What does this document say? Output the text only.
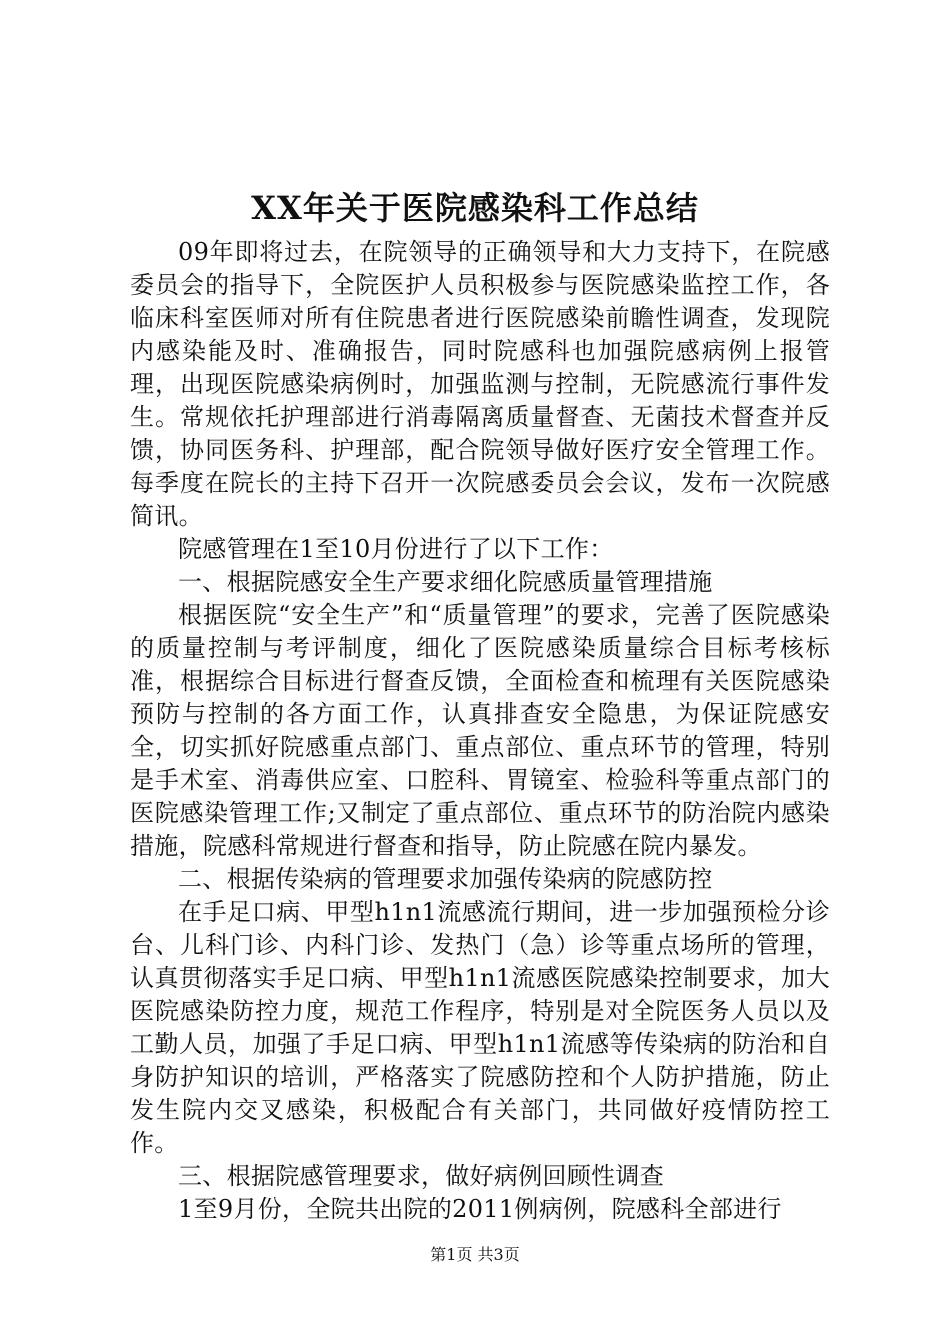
XX年关于医院感染科工作总结

09年即将过去，在院领导的正确领导和大力支持下，在院感委员会的指导下，全院医护人员积极参与医院感染监控工作，各临床科室医师对所有住院患者进行医院感染前瞻性调查，发现院内感染能及时、准确报告，同时院感科也加强院感病例上报管理，出现医院感染病例时，加强监测与控制，无院感流行事件发生。常规依托护理部进行消毒隔离质量督查、无菌技术督查并反馈，协同医务科、护理部，配合院领导做好医疗安全管理工作。每季度在院长的主持下召开一次院感委员会会议，发布一次院感简讯。

院感管理在1至10月份进行了以下工作：

一、根据院感安全生产要求细化院感质量管理措施

根据医院“安全生产”和“质量管理”的要求，完善了医院感染的质量控制与考评制度，细化了医院感染质量综合目标考核标准，根据综合目标进行督查反馈，全面检查和梳理有关医院感染预防与控制的各方面工作，认真排查安全隐患，为保证院感安全，切实抓好院感重点部门、重点部位、重点环节的管理，特别是手术室、消毒供应室、口腔科、胃镜室、检验科等重点部门的医院感染管理工作;又制定了重点部位、重点环节的防治院内感染措施，院感科常规进行督查和指导，防止院感在院内暴发。

二、根据传染病的管理要求加强传染病的院感防控

在手足口病、甲型h1n1流感流行期间，进一步加强预检分诊台、儿科门诊、内科门诊、发热门（急）诊等重点场所的管理，认真贯彻落实手足口病、甲型h1n1流感医院感染控制要求，加大医院感染防控力度，规范工作程序，特别是对全院医务人员以及工勤人员，加强了手足口病、甲型h1n1流感等传染病的防治和自身防护知识的培训，严格落实了院感防控和个人防护措施，防止发生院内交叉感染，积极配合有关部门，共同做好疫情防控工作。

三、根据院感管理要求，做好病例回顾性调查

1至9月份，全院共出院的2011例病例，院感科全部进行

第1页 共3页
